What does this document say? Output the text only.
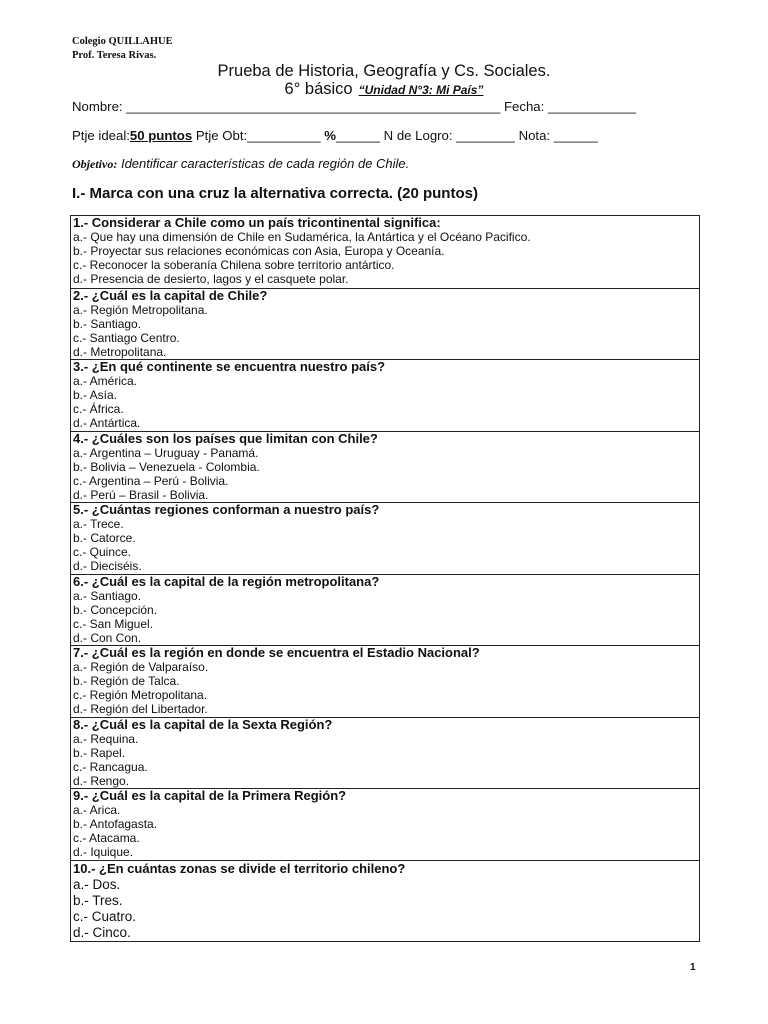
Colegio QUILLAHUE
Prof. Teresa Rivas.
Prueba de Historia, Geografía y Cs. Sociales.
6° básico “Unidad N°3: Mi País”
Nombre: ___________________________________________________ Fecha: ____________
Ptje ideal:50 puntos Ptje Obt:__________ %______ N de Logro: ________ Nota: ______
Objetivo: Identificar características de cada región de Chile.
I.- Marca con una cruz la alternativa correcta. (20 puntos)
1.- Considerar a Chile como un país tricontinental significa:
a.- Que hay una dimensión de Chile en Sudamérica, la Antártica y el Océano Pacifico.
b.- Proyectar sus relaciones económicas con Asia, Europa y Oceanía.
c.- Reconocer la soberanía Chilena sobre territorio antártico.
d.- Presencia de desierto, lagos y el casquete polar.

2.- ¿Cuál es la capital de Chile?
a.- Región Metropolitana.
b.- Santiago.
c.- Santiago Centro.
d.- Metropolitana.

3.- ¿En qué continente se encuentra nuestro país?
a.- América.
b.- Asía.
c.- África.
d.- Antártica.

4.- ¿Cuáles son los países que limitan con Chile?
a.- Argentina – Uruguay - Panamá.
b.- Bolivia – Venezuela - Colombia.
c.- Argentina – Perú - Bolivia.
d.- Perú – Brasil - Bolivia.

5.- ¿Cuántas regiones conforman a nuestro país?
a.- Trece.
b.- Catorce.
c.- Quince.
d.- Dieciséis.

6.- ¿Cuál es la capital de la región metropolitana?
a.- Santiago.
b.- Concepción.
c.- San Miguel.
d.- Con Con.

7.- ¿Cuál es la región en donde se encuentra el Estadio Nacional?
a.- Región de Valparaíso.
b.- Región de Talca.
c.- Región Metropolitana.
d.- Región del Libertador.

8.- ¿Cuál es la capital de la Sexta Región?
a.- Requina.
b.- Rapel.
c.- Rancagua.
d.- Rengo.

9.- ¿Cuál es la capital de la Primera Región?
a.- Arica.
b.- Antofagasta.
c.- Atacama.
d.- Iquique.

10.- ¿En cuántas zonas se divide el territorio chileno?
a.- Dos.
b.- Tres.
c.- Cuatro.
d.- Cinco.
1
